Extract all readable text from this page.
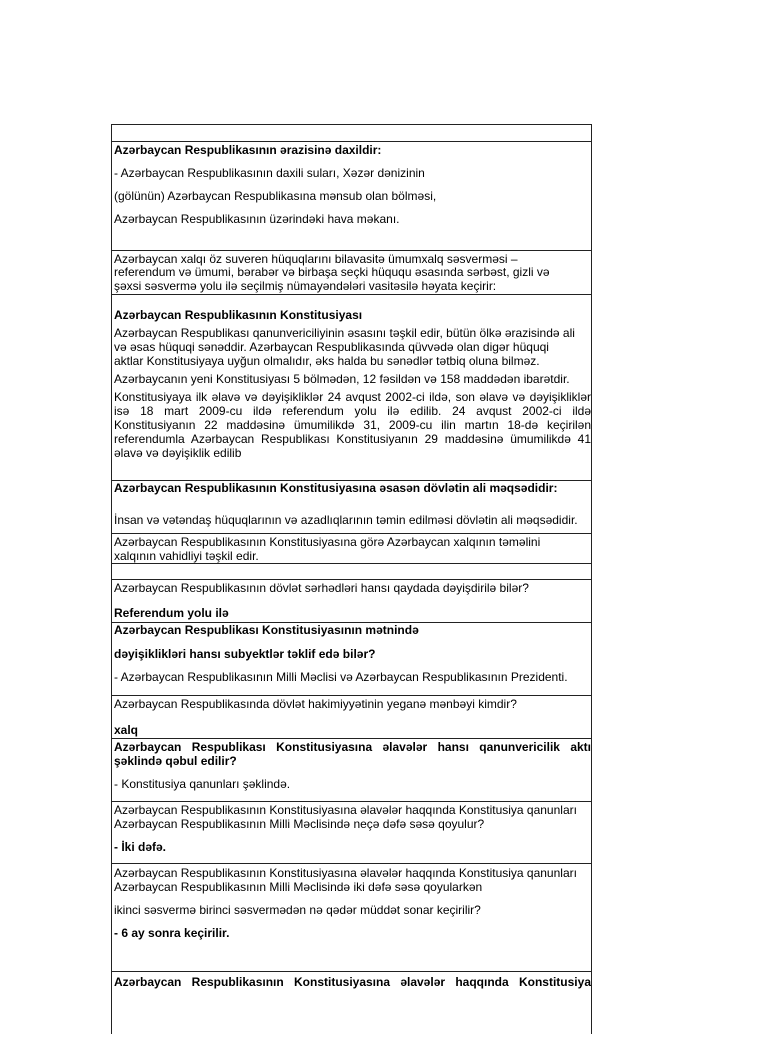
Azərbaycan Respublikasının ərazisinə daxildir:
- Azərbaycan Respublikasının daxili suları, Xəzər dənizinin
(gölünün) Azərbaycan Respublikasına mənsub olan bölməsi,
Azərbaycan Respublikasının üzərindəki hava məkanı.
Azərbaycan xalqı öz suveren hüquqlarını bilavasitə ümumxalq səsverməsi –
referendum və ümumi, bərabər və birbaşa seçki hüququ əsasında sərbəst, gizli və
şəxsi səsvermə yolu ilə seçilmiş nümayəndələri vasitəsilə həyata keçirir:
Azərbaycan Respublikasının Konstitusiyası
Azərbaycan Respublikası qanunvericiliyinin əsasını təşkil edir, bütün ölkə ərazisində ali
və əsas hüquqi sənəddir. Azərbaycan Respublikasında qüvvədə olan digər hüquqi
aktlar Konstitusiyaya uyğun olmalıdır, əks halda bu sənədlər tətbiq oluna bilməz.
Azərbaycanın yeni Konstitusiyası 5 bölmədən, 12 fəsildən və 158 maddədən ibarətdir.
Konstitusiyaya ilk əlavə və dəyişikliklər 24 avqust 2002-ci ildə, son əlavə və dəyişikliklər
isə 18 mart 2009-cu ildə referendum yolu ilə edilib. 24 avqust 2002-ci ildə
Konstitusiyanın 22 maddəsinə ümumilikdə 31, 2009-cu ilin martın 18-də keçirilən
referendumla Azərbaycan Respublikası Konstitusiyanın 29 maddəsinə ümumilikdə 41
əlavə və dəyişiklik edilib
Azərbaycan Respublikasının Konstitusiyasına əsasən dövlətin ali məqsədidir:
İnsan və vətəndaş hüquqlarının və azadlıqlarının təmin edilməsi dövlətin ali məqsədidir.
Azərbaycan Respublikasının Konstitusiyasına görə Azərbaycan xalqının təməlini
xalqının vahidliyi təşkil edir.
Azərbaycan Respublikasının dövlət sərhədləri hansı qaydada dəyişdirilə bilər?
Referendum yolu ilə
Azərbaycan Respublikası Konstitusiyasının mətnində
dəyişiklikləri hansı subyektlər təklif edə bilər?
- Azərbaycan Respublikasının Milli Məclisi və Azərbaycan Respublikasının Prezidenti.
Azərbaycan Respublikasında dövlət hakimiyyətinin yeganə mənbəyi kimdir?
xalq
Azərbaycan Respublikası Konstitusiyasına əlavələr hansı qanunvericilik aktı
şəklində qəbul edilir?
- Konstitusiya qanunları şəklində.
Azərbaycan Respublikasının Konstitusiyasına əlavələr haqqında Konstitusiya qanunları
Azərbaycan Respublikasının Milli Məclisində neçə dəfə səsə qoyulur?
- İki dəfə.
Azərbaycan Respublikasının Konstitusiyasına əlavələr haqqında Konstitusiya qanunları
Azərbaycan Respublikasının Milli Məclisində iki dəfə səsə qoyularkən
ikinci səsvermə birinci səsvermədən nə qədər müddət sonar keçirilir?
- 6 ay sonra keçirilir.
Azərbaycan Respublikasının Konstitusiyasına əlavələr haqqında Konstitusiya
